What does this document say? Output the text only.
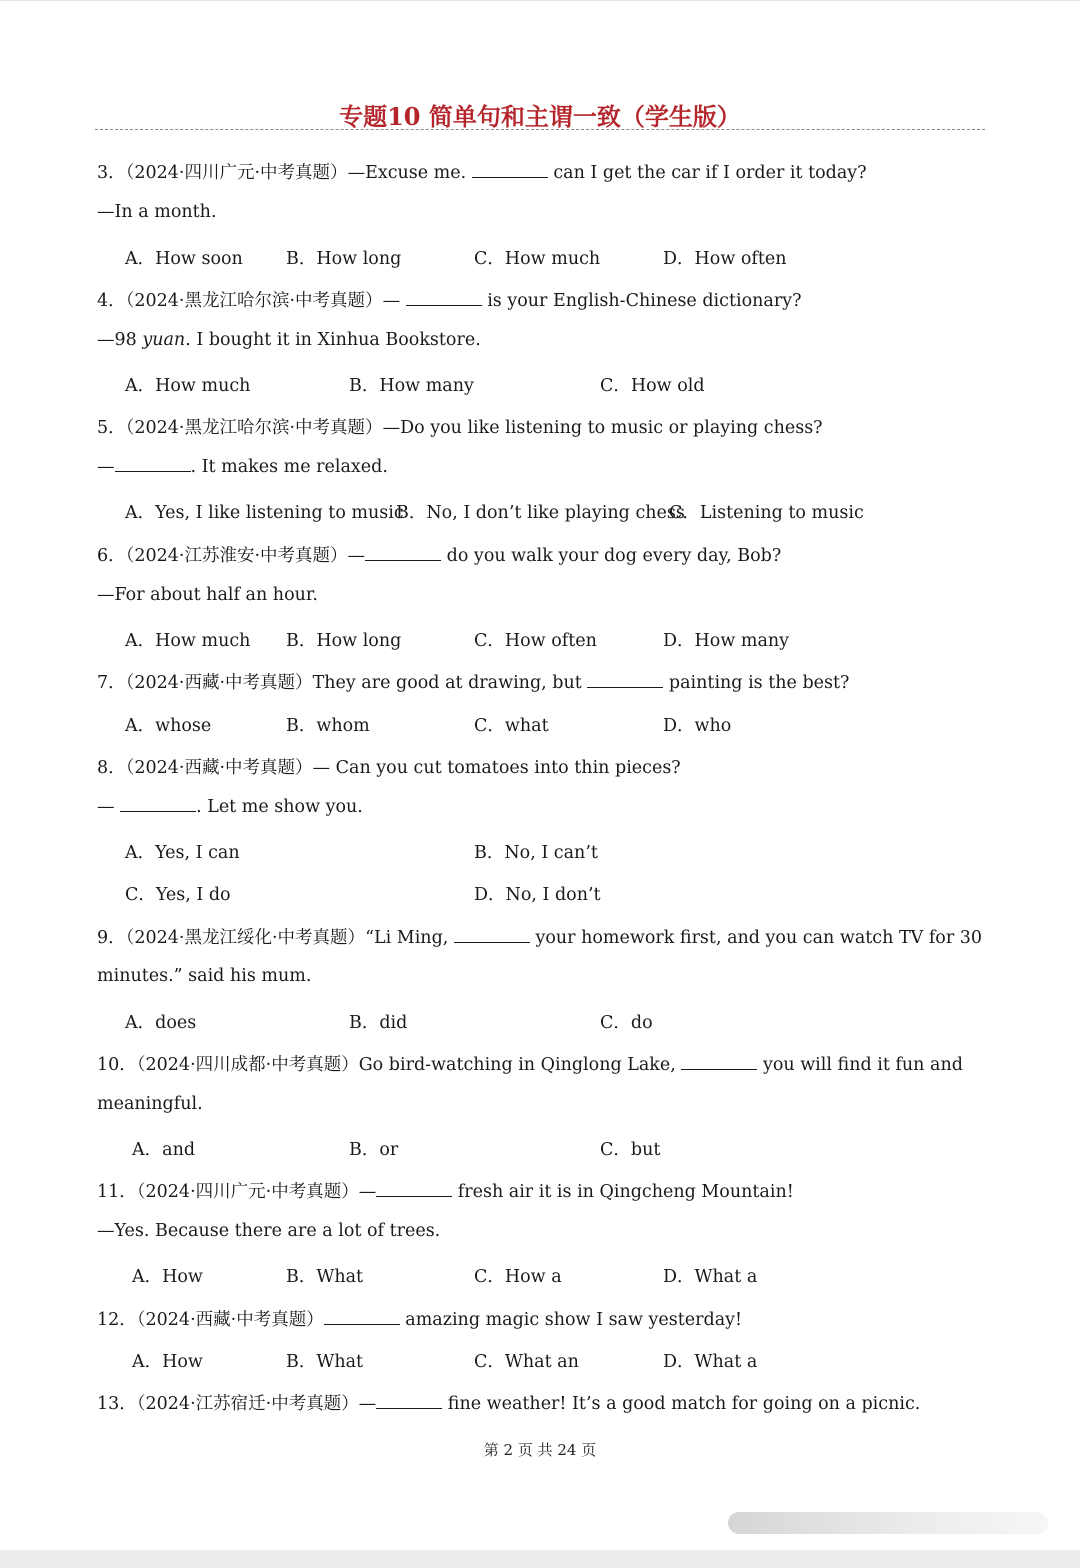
专题10 简单句和主谓一致（学生版）
3．（2024·四川广元·中考真题）—Excuse me.	can I get the car if I order it today?
—In a month.
A．How soon B．How long	C．How much	D．How often
4．（2024·黑龙江哈尔滨·中考真题）—	is your English-Chinese dictionary?
—98 yuan. I bought it in Xinhua Bookstore.
A．How much	B．How many	C．How old
5．（2024·黑龙江哈尔滨·中考真题）—Do you like listening to music or playing chess?
—	. It makes me relaxed.
A．Yes, I like listening to music
B．No, I don’t like playing chess
C．Listening to music
6．（2024·江苏淮安·中考真题）—	do you walk your dog every day, Bob?
—For about half an hour.
A．How much B．How long	C．How often	D．How many
7．（2024·西藏·中考真题）They are good at drawing, but	painting is the best?
A．whose	B．whom	C．what	D．who
8．（2024·西藏·中考真题）— Can you cut tomatoes into thin pieces?
—	. Let me show you.
A．Yes, I can	B．No, I can’t
C．Yes, I do	D．No, I don’t
9．（2024·黑龙江绥化·中考真题）“Li Ming,	your homework first, and you can watch TV for 30
minutes.” said his mum.
A．does	B．did	C．do
10．（2024·四川成都·中考真题）Go bird-watching in Qinglong Lake,	you will find it fun and
meaningful.
A．and	B．or	C．but
11．（2024·四川广元·中考真题）—	fresh air it is in Qingcheng Mountain!
—Yes. Because there are a lot of trees.
A．How	B．What	C．How a	D．What a
12．（2024·西藏·中考真题）	amazing magic show I saw yesterday!
A．How	B．What	C．What an	D．What a
13．（2024·江苏宿迁·中考真题）—	fine weather! It’s a good match for going on a picnic.
第 2 页 共 24 页
